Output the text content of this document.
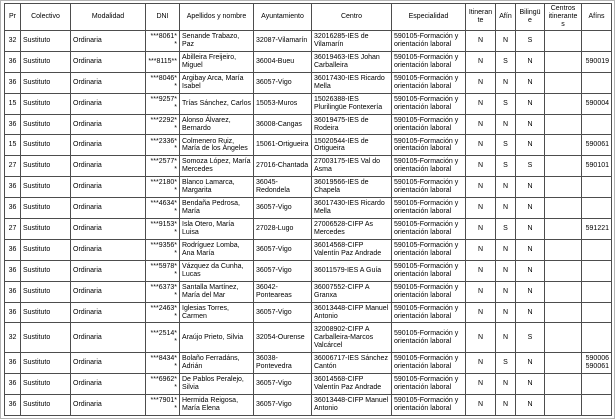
Pr	Colectivo	Modalidad	DNI	Apellidos y nombre	Ayuntamiento	Centro	Especialidad	Itinerante	Afín	Bilingüe	Centros itinerantes	Afíns
32	Sustituto	Ordinaria	***8061**	Senande Trabazo, Paz	32087-Vilamarín	32016285-IES de Vilamarín	590105-Formación y orientación laboral	N	N	S		
36	Sustituto	Ordinaria	***8115**	Abilleira Freijeiro, Miguel	36004-Bueu	36019463-IES Johan Carballeira	590105-Formación y orientación laboral	N	S	N		590019
36	Sustituto	Ordinaria	***8046**	Argibay Arca, María Isabel	36057-Vigo	36017430-IES Ricardo Mella	590105-Formación y orientación laboral	N	N	N		
15	Sustituto	Ordinaria	***9257**	Trías Sánchez, Carlos	15053-Muros	15026388-IES Plurilingüe Fontexería	590105-Formación y orientación laboral	N	S	N		590004
36	Sustituto	Ordinaria	***2292**	Alonso Álvarez, Bernardo	36008-Cangas	36019475-IES de Rodeira	590105-Formación y orientación laboral	N	N	N		
15	Sustituto	Ordinaria	***2336**	Colmenero Ruiz, María de los Ángeles	15061-Ortigueira	15020544-IES de Ortigueira	590105-Formación y orientación laboral	N	S	N		590061
27	Sustituto	Ordinaria	***2577**	Somoza López, María Mercedes	27016-Chantada	27003175-IES Val do Asma	590105-Formación y orientación laboral	N	S	S		590101
36	Sustituto	Ordinaria	***2180**	Blanco Lamarca, Margarita	36045-Redondela	36019566-IES de Chapela	590105-Formación y orientación laboral	N	N	N		
36	Sustituto	Ordinaria	***4634**	Bendaña Pedrosa, María	36057-Vigo	36017430-IES Ricardo Mella	590105-Formación y orientación laboral	N	N	N		
27	Sustituto	Ordinaria	***9153**	Isla Otero, María Luisa	27028-Lugo	27006528-CIFP As Mercedes	590105-Formación y orientación laboral	N	S	N		591221
36	Sustituto	Ordinaria	***9356**	Rodríguez Lomba, Ana María	36057-Vigo	36014568-CIFP Valentín Paz Andrade	590105-Formación y orientación laboral	N	N	N		
36	Sustituto	Ordinaria	***5978**	Vázquez da Cunha, Lucas	36057-Vigo	36011579-IES A Guía	590105-Formación y orientación laboral	N	N	N		
36	Sustituto	Ordinaria	***6373**	Santalla Martínez, María del Mar	36042-Ponteareas	36007552-CIFP A Granxa	590105-Formación y orientación laboral	N	N	N		
36	Sustituto	Ordinaria	***2463**	Iglesias Torres, Carmen	36057-Vigo	36013448-CIFP Manuel Antonio	590105-Formación y orientación laboral	N	N	N		
32	Sustituto	Ordinaria	***2514**	Araújo Prieto, Silvia	32054-Ourense	32008902-CIFP A Carballeira-Marcos Valcárcel	590105-Formación y orientación laboral	N	N	S		
36	Sustituto	Ordinaria	***8434**	Bolaño Ferradáns, Adrián	36038-Pontevedra	36006717-IES Sánchez Cantón	590105-Formación y orientación laboral	N	S	N		590006 590061
36	Sustituto	Ordinaria	***6962**	De Pablos Peralejo, Silvia	36057-Vigo	36014568-CIFP Valentín Paz Andrade	590105-Formación y orientación laboral	N	N	N		
36	Sustituto	Ordinaria	***7901**	Hermida Reigosa, María Elena	36057-Vigo	36013448-CIFP Manuel Antonio	590105-Formación y orientación laboral	N	N	N		
